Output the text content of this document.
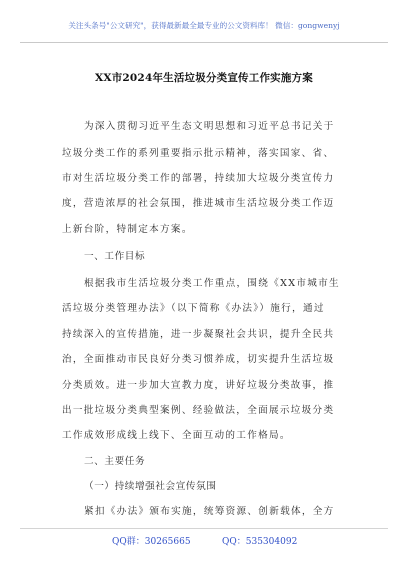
关注头条号"公文研究"，获得最新最全最专业的公文资料库！ 微信：gongwenyj
XX市2024年生活垃圾分类宣传工作实施方案
为深入贯彻习近平生态文明思想和习近平总书记关于
垃圾分类工作的系列重要指示批示精神，落实国家、省、
市对生活垃圾分类工作的部署，持续加大垃圾分类宣传力
度，营造浓厚的社会氛围，推进城市生活垃圾分类工作迈
上新台阶，特制定本方案。
一、工作目标
根据我市生活垃圾分类工作重点，围绕《XX市城市生
活垃圾分类管理办法》（以下简称《办法》）施行，通过
持续深入的宣传措施，进一步凝聚社会共识，提升全民共
治，全面推动市民良好分类习惯养成，切实提升生活垃圾
分类质效。进一步加大宣教力度，讲好垃圾分类故事，推
出一批垃圾分类典型案例、经验做法，全面展示垃圾分类
工作成效形成线上线下、全面互动的工作格局。
二、主要任务
（一）持续增强社会宣传氛围
紧扣《办法》颁布实施，统筹资源、创新载体，全方
QQ群：30265665	QQ：535304092
